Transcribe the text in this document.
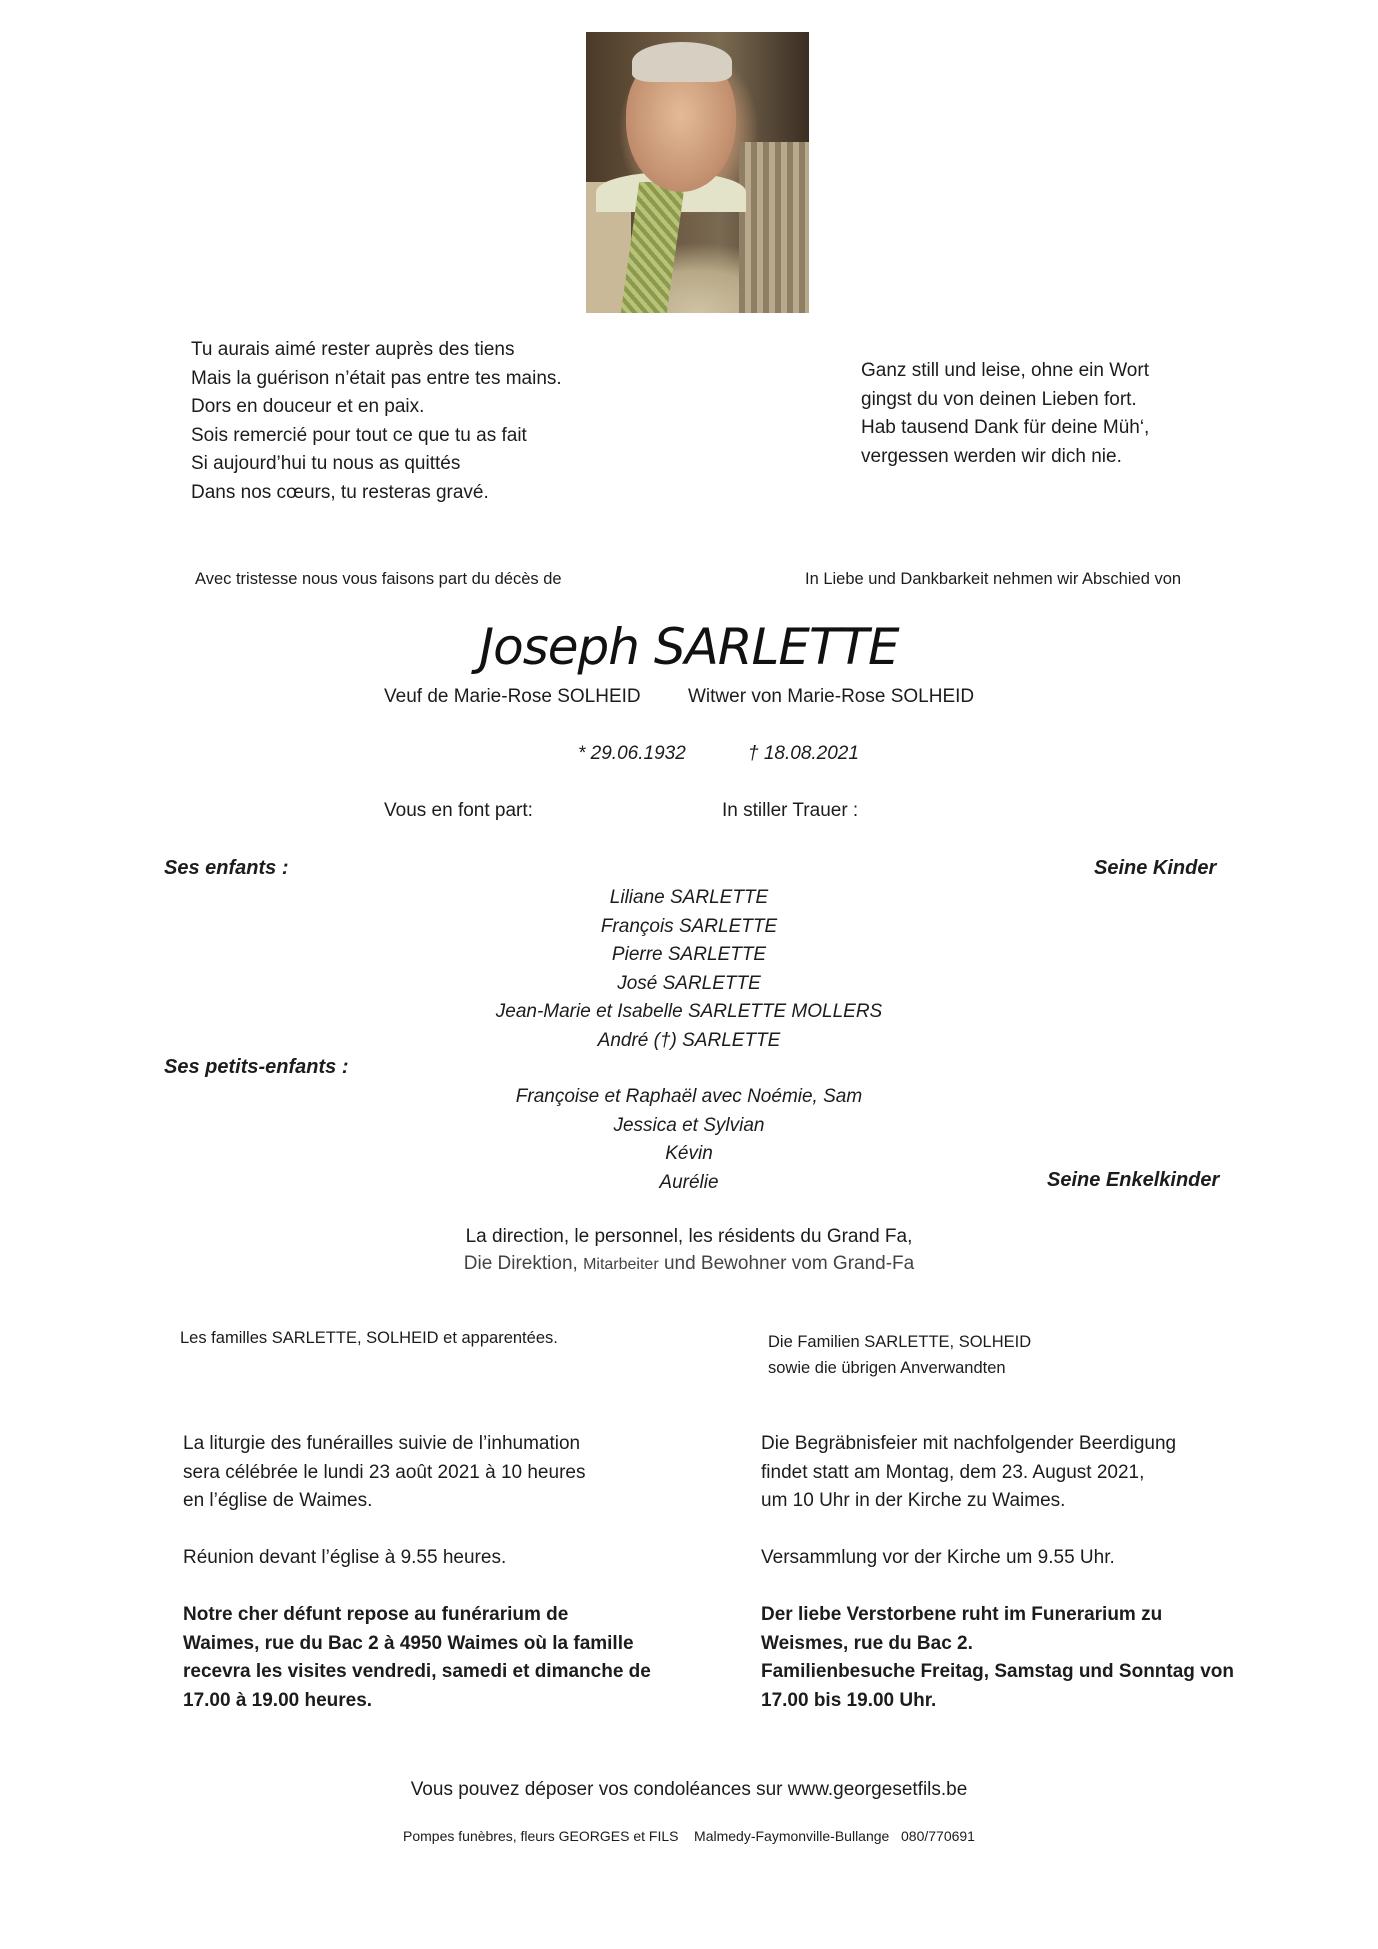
Tu aurais aimé rester auprès des tiens
Mais la guérison n’était pas entre tes mains.
Dors en douceur et en paix.
Sois remercié pour tout ce que tu as fait
Si aujourd’hui tu nous as quittés
Dans nos cœurs, tu resteras gravé.
Ganz still und leise, ohne ein Wort
gingst du von deinen Lieben fort.
Hab tausend Dank für deine Müh‘,
vergessen werden wir dich nie.
Avec tristesse nous vous faisons part du décès de	In Liebe und Dankbarkeit nehmen wir Abschied von
Joseph SARLETTE
Veuf de Marie-Rose SOLHEID Witwer von Marie-Rose SOLHEID
* 29.06.1932	† 18.08.2021
Vous en font part:	In stiller Trauer :
Ses enfants :	Seine Kinder
Liliane SARLETTE
François SARLETTE
Pierre SARLETTE
José SARLETTE
Jean-Marie et Isabelle SARLETTE MOLLERS
André (†) SARLETTE
Ses petits-enfants :
Françoise et Raphaël avec Noémie, Sam
Jessica et Sylvian
Kévin
Aurélie	Seine Enkelkinder
La direction, le personnel, les résidents du Grand Fa,
Die Direktion, Mitarbeiter und Bewohner vom Grand-Fa
Les familles SARLETTE, SOLHEID et apparentées.	Die Familien SARLETTE, SOLHEID
sowie die übrigen Anverwandten
La liturgie des funérailles suivie de l’inhumation
sera célébrée le lundi 23 août 2021 à 10 heures
en l’église de Waimes.
Réunion devant l’église à 9.55 heures.
Notre cher défunt repose au funérarium de
Waimes, rue du Bac 2 à 4950 Waimes où la famille
recevra les visites vendredi, samedi et dimanche de
17.00 à 19.00 heures.
Die Begräbnisfeier mit nachfolgender Beerdigung
findet statt am Montag, dem 23. August 2021,
um 10 Uhr in der Kirche zu Waimes.
Versammlung vor der Kirche um 9.55 Uhr.
Der liebe Verstorbene ruht im Funerarium zu
Weismes, rue du Bac 2.
Familienbesuche Freitag, Samstag und Sonntag von
17.00 bis 19.00 Uhr.
Vous pouvez déposer vos condoléances sur www.georgesetfils.be
Pompes funèbres, fleurs GEORGES et FILS Malmedy-Faymonville-Bullange 080/770691
